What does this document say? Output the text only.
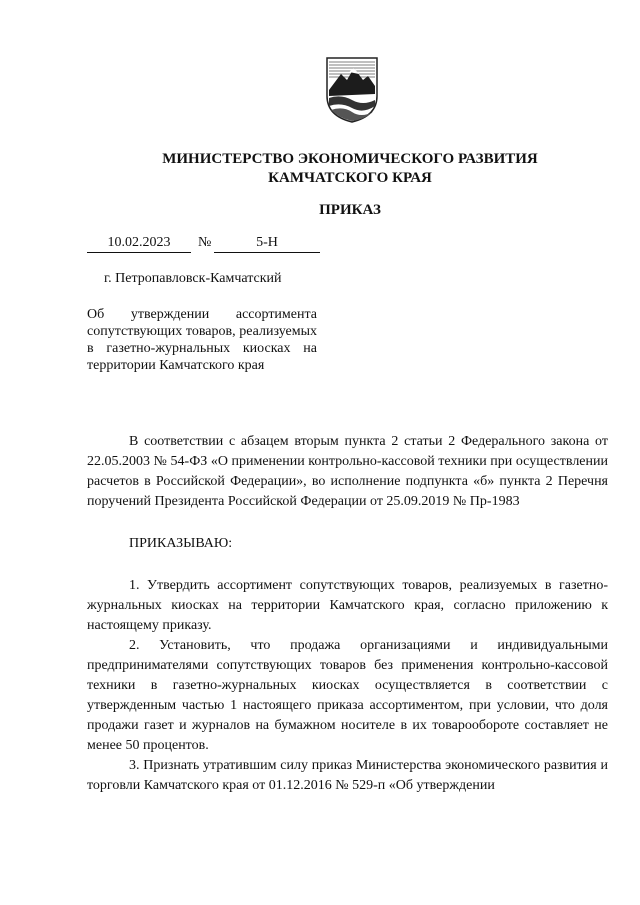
МИНИСТЕРСТВО ЭКОНОМИЧЕСКОГО РАЗВИТИЯ
КАМЧАТСКОГО КРАЯ
ПРИКАЗ
10.02.2023	№	5-Н
г. Петропавловск-Камчатский
Об утверждении ассортимента сопутствующих товаров, реализуемых в газетно-журнальных киосках на территории Камчатского края

В соответствии с абзацем вторым пункта 2 статьи 2 Федерального закона от 22.05.2003 № 54-ФЗ «О применении контрольно-кассовой техники при осуществлении расчетов в Российской Федерации», во исполнение подпункта «б» пункта 2 Перечня поручений Президента Российской Федерации от 25.09.2019 № Пр-1983

ПРИКАЗЫВАЮ:

1. Утвердить ассортимент сопутствующих товаров, реализуемых в газетно-журнальных киосках на территории Камчатского края, согласно приложению к настоящему приказу.

2. Установить, что продажа организациями и индивидуальными предпринимателями сопутствующих товаров без применения контрольно-кассовой техники в газетно-журнальных киосках осуществляется в соответствии с утвержденным частью 1 настоящего приказа ассортиментом, при условии, что доля продажи газет и журналов на бумажном носителе в их товарообороте составляет не менее 50 процентов.

3. Признать утратившим силу приказ Министерства экономического развития и торговли Камчатского края от 01.12.2016 № 529-п «Об утверждении
